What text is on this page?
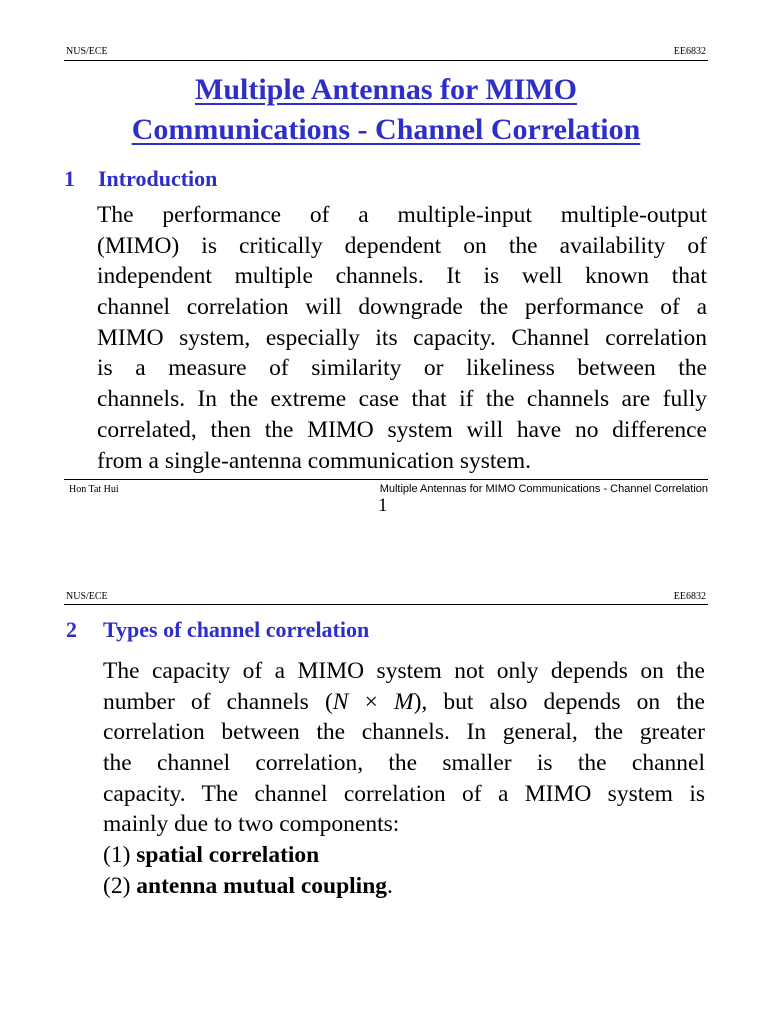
NUS/ECE	EE6832
Multiple Antennas for MIMO
Communications - Channel Correlation
1 Introduction
The performance of a multiple-input multiple-output
(MIMO) is critically dependent on the availability of
independent multiple channels. It is well known that
channel correlation will downgrade the performance of a
MIMO system, especially its capacity. Channel correlation
is a measure of similarity or likeliness between the
channels. In the extreme case that if the channels are fully
correlated, then the MIMO system will have no difference
from a single-antenna communication system.
Hon Tat Hui	Multiple Antennas for MIMO Communications - Channel Correlation
1
NUS/ECE	EE6832
2 Types of channel correlation
The capacity of a MIMO system not only depends on the
number of channels (N × M), but also depends on the
correlation between the channels. In general, the greater
the channel correlation, the smaller is the channel
capacity. The channel correlation of a MIMO system is
mainly due to two components:
(1) spatial correlation
(2) antenna mutual coupling.
